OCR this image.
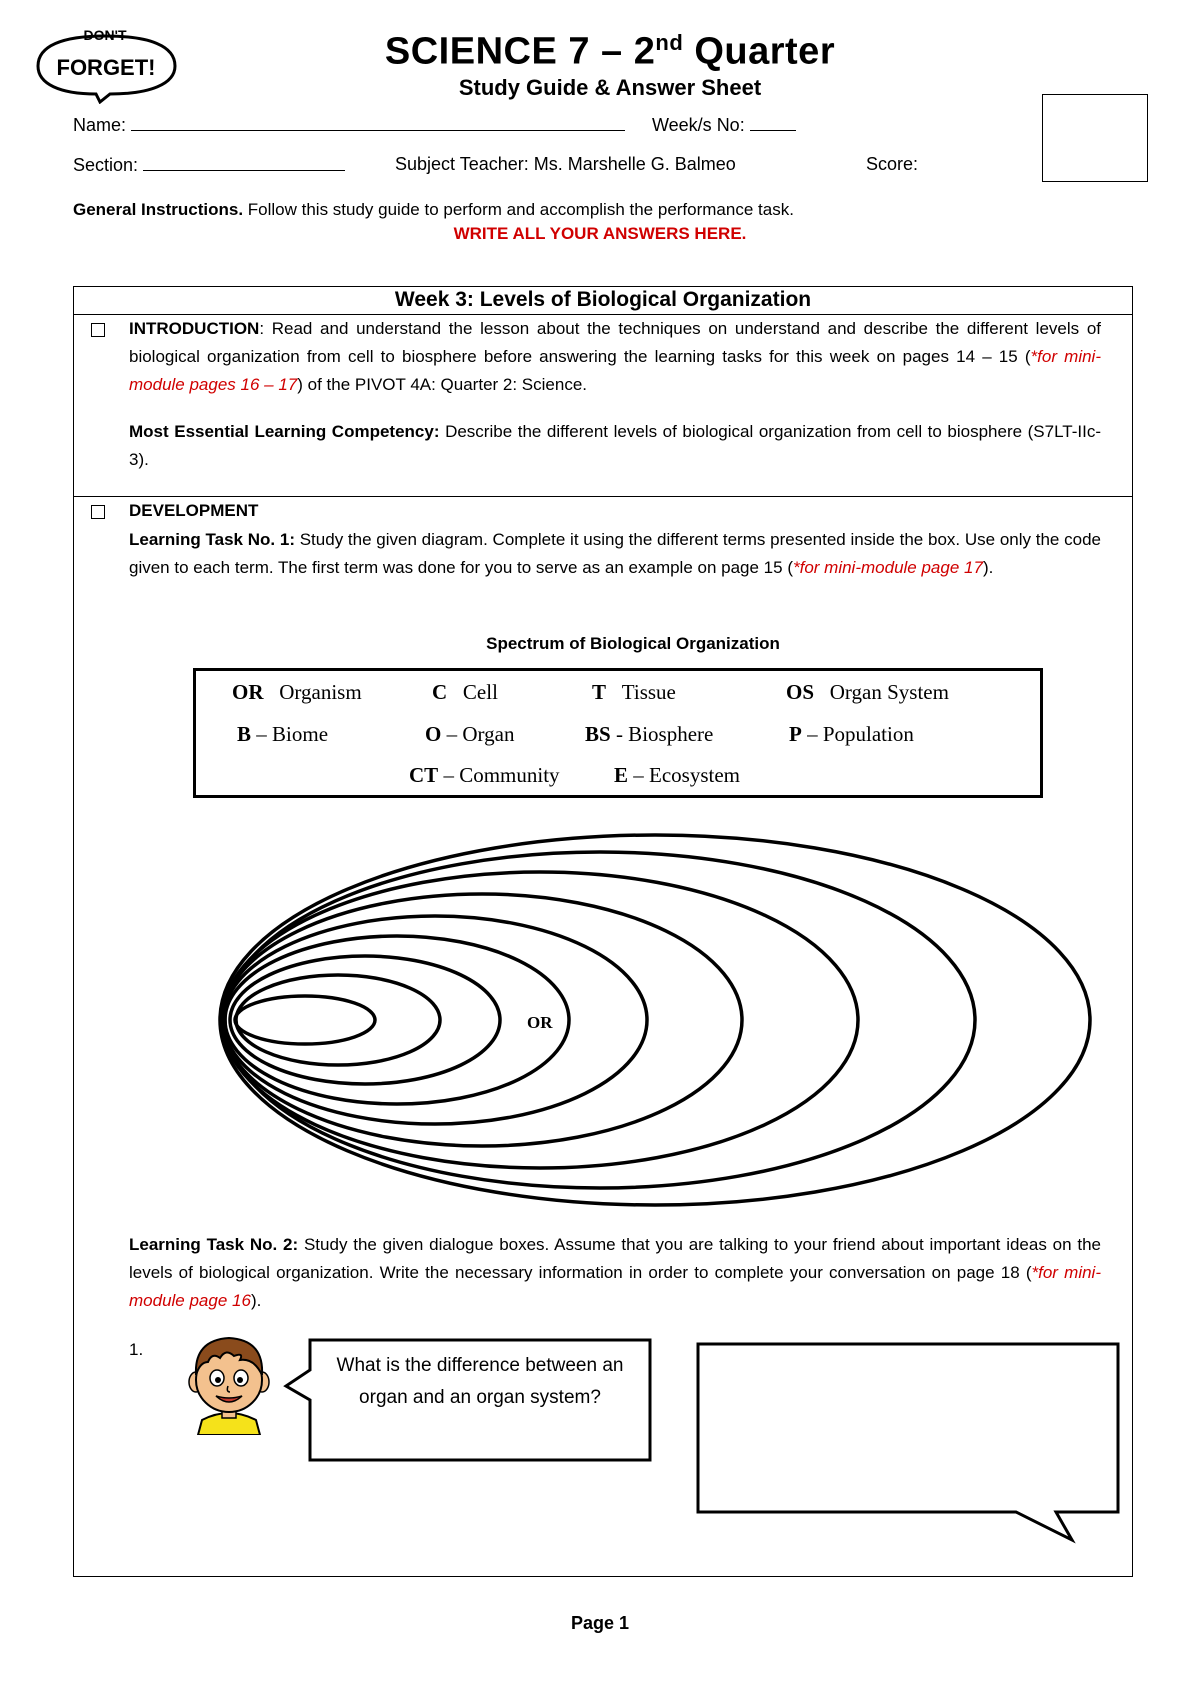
DON'T
FORGET!	SCIENCE 7 – 2nd Quarter
Study Guide & Answer Sheet
Name:	Week/s No:
Section:	Subject Teacher: Ms. Marshelle G. Balmeo	Score:
General Instructions. Follow this study guide to perform and accomplish the performance task.
WRITE ALL YOUR ANSWERS HERE.
Week 3: Levels of Biological Organization
INTRODUCTION: Read and understand the lesson about the techniques on understand and describe the different levels of biological organization from cell to biosphere before answering the learning tasks for this week on pages 14 – 15 (*for mini-module pages 16 – 17) of the PIVOT 4A: Quarter 2: Science.
Most Essential Learning Competency: Describe the different levels of biological organization from cell to biosphere (S7LT-IIc-3).
DEVELOPMENT
Learning Task No. 1: Study the given diagram. Complete it using the different terms presented inside the box. Use only the code given to each term. The first term was done for you to serve as an example on page 15 (*for mini-module page 17).
Spectrum of Biological Organization
OR Organism	C Cell	T Tissue	OS Organ System
B – Biome	O – Organ	BS - Biosphere	P – Population
CT – Community	E – Ecosystem
OR
Learning Task No. 2: Study the given dialogue boxes. Assume that you are talking to your friend about important ideas on the levels of biological organization. Write the necessary information in order to complete your conversation on page 18 (*for mini-module page 16).
1.
What is the difference between an organ and an organ system?
Page 1
